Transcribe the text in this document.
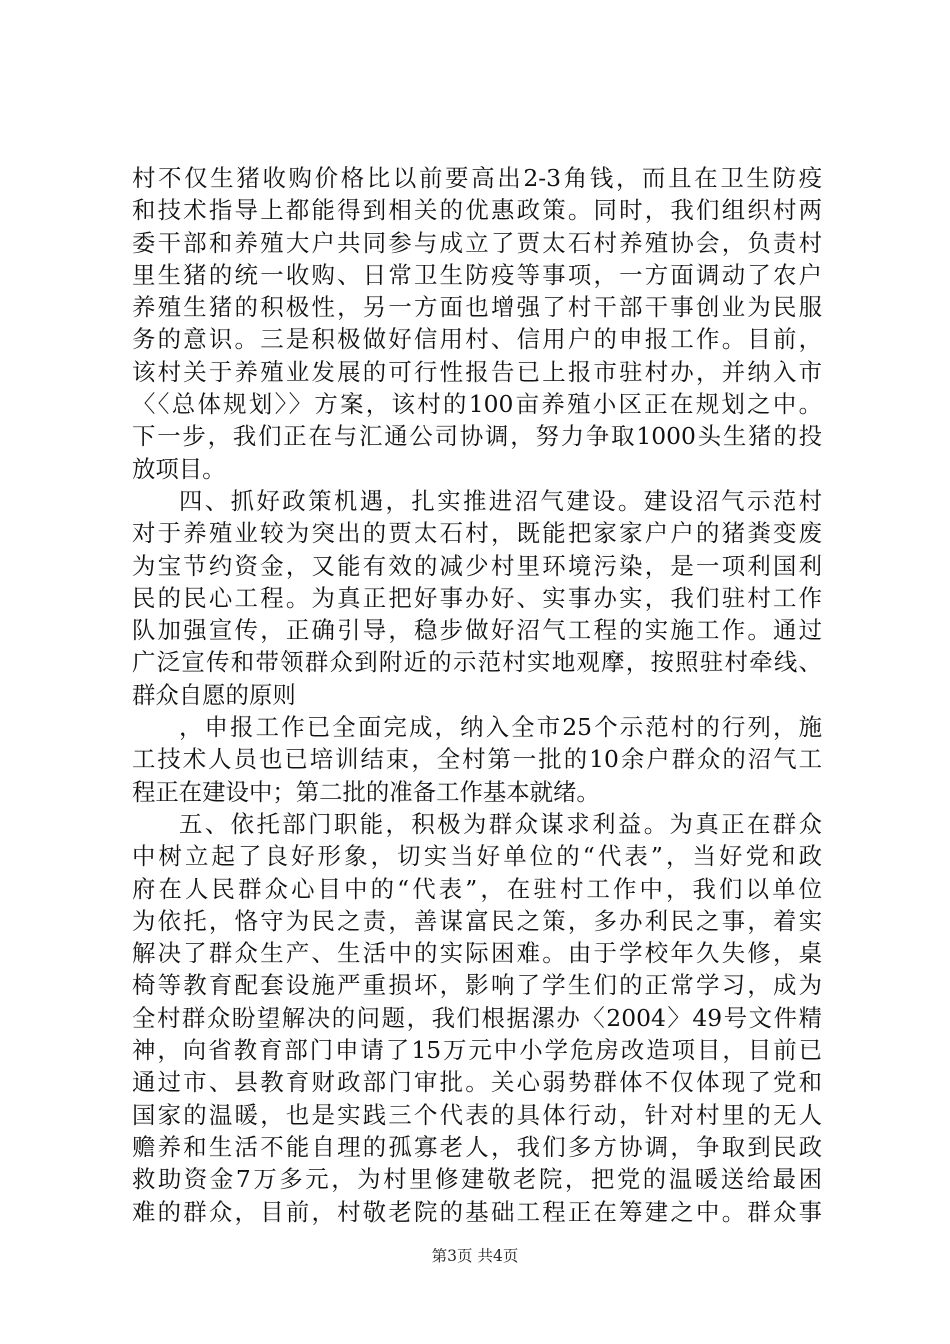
村不仅生猪收购价格比以前要高出2-3角钱，而且在卫生防疫
和技术指导上都能得到相关的优惠政策。同时，我们组织村两
委干部和养殖大户共同参与成立了贾太石村养殖协会，负责村
里生猪的统一收购、日常卫生防疫等事项，一方面调动了农户
养殖生猪的积极性，另一方面也增强了村干部干事创业为民服
务的意识。三是积极做好信用村、信用户的申报工作。目前，
该村关于养殖业发展的可行性报告已上报市驻村办，并纳入市
〈〈总体规划〉〉方案，该村的100亩养殖小区正在规划之中。
下一步，我们正在与汇通公司协调，努力争取1000头生猪的投
放项目。
四、抓好政策机遇，扎实推进沼气建设。建设沼气示范村
对于养殖业较为突出的贾太石村，既能把家家户户的猪粪变废
为宝节约资金，又能有效的减少村里环境污染，是一项利国利
民的民心工程。为真正把好事办好、实事办实，我们驻村工作
队加强宣传，正确引导，稳步做好沼气工程的实施工作。通过
广泛宣传和带领群众到附近的示范村实地观摩，按照驻村牵线、
群众自愿的原则
，申报工作已全面完成，纳入全市25个示范村的行列，施
工技术人员也已培训结束，全村第一批的10余户群众的沼气工
程正在建设中；第二批的准备工作基本就绪。
五、依托部门职能，积极为群众谋求利益。为真正在群众
中树立起了良好形象，切实当好单位的“代表”，当好党和政
府在人民群众心目中的“代表”，在驻村工作中，我们以单位
为依托，恪守为民之责，善谋富民之策，多办利民之事，着实
解决了群众生产、生活中的实际困难。由于学校年久失修，桌
椅等教育配套设施严重损坏，影响了学生们的正常学习，成为
全村群众盼望解决的问题，我们根据漯办〈2004〉49号文件精
神，向省教育部门申请了15万元中小学危房改造项目，目前已
通过市、县教育财政部门审批。关心弱势群体不仅体现了党和
国家的温暖，也是实践三个代表的具体行动，针对村里的无人
赡养和生活不能自理的孤寡老人，我们多方协调，争取到民政
救助资金7万多元，为村里修建敬老院，把党的温暖送给最困
难的群众，目前，村敬老院的基础工程正在筹建之中。群众事
第3页 共4页
